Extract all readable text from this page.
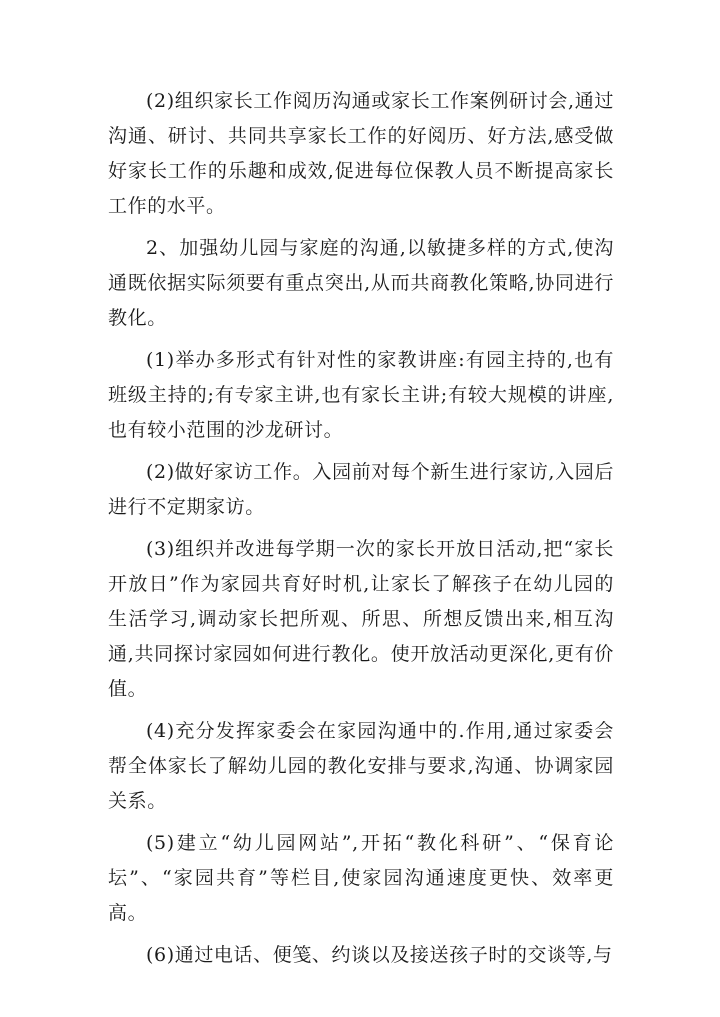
(2)组织家长工作阅历沟通或家长工作案例研讨会,通过沟通、研讨、共同共享家长工作的好阅历、好方法,感受做好家长工作的乐趣和成效,促进每位保教人员不断提高家长工作的水平。

2、加强幼儿园与家庭的沟通,以敏捷多样的方式,使沟通既依据实际须要有重点突出,从而共商教化策略,协同进行教化。

(1)举办多形式有针对性的家教讲座:有园主持的,也有班级主持的;有专家主讲,也有家长主讲;有较大规模的讲座,也有较小范围的沙龙研讨。

(2)做好家访工作。入园前对每个新生进行家访,入园后进行不定期家访。

(3)组织并改进每学期一次的家长开放日活动,把“家长开放日”作为家园共育好时机,让家长了解孩子在幼儿园的生活学习,调动家长把所观、所思、所想反馈出来,相互沟通,共同探讨家园如何进行教化。使开放活动更深化,更有价值。

(4)充分发挥家委会在家园沟通中的.作用,通过家委会帮全体家长了解幼儿园的教化安排与要求,沟通、协调家园关系。

(5)建立“幼儿园网站”,开拓“教化科研”、“保育论坛”、“家园共育”等栏目,使家园沟通速度更快、效率更高。

(6)通过电话、便笺、约谈以及接送孩子时的交谈等,与
